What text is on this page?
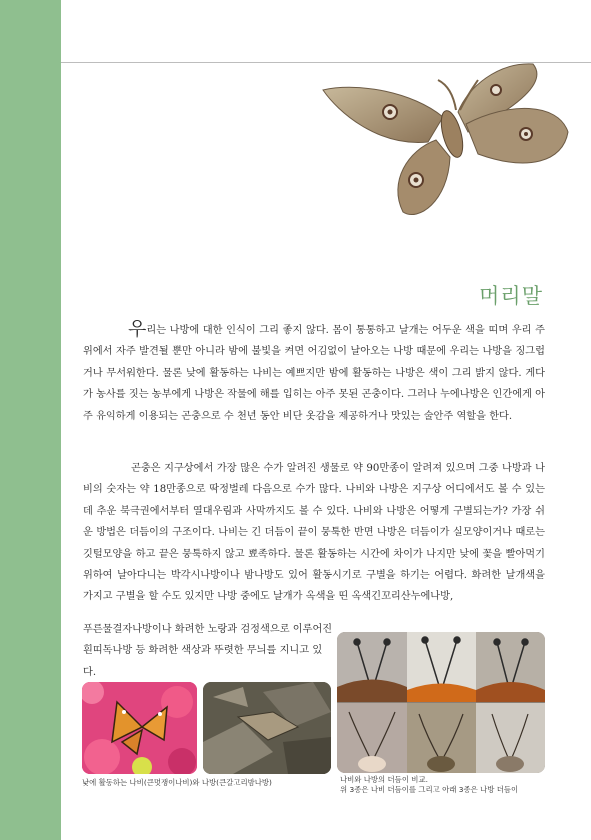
머리말

우리는 나방에 대한 인식이 그리 좋지 않다. 몸이 통통하고 날개는 어두운 색을 띠며 우리 주위에서 자주 발견될 뿐만 아니라 밤에 불빛을 켜면 어김없이 날아오는 나방 때문에 우리는 나방을 징그럽거나 무서워한다. 물론 낮에 활동하는 나비는 예쁘지만 밤에 활동하는 나방은 색이 그리 밝지 않다. 게다가 농사를 짓는 농부에게 나방은 작물에 해를 입히는 아주 못된 곤충이다. 그러나 누에나방은 인간에게 아주 유익하게 이용되는 곤충으로 수 천년 동안 비단 옷감을 제공하거나 맛있는 술안주 역할을 한다.

곤충은 지구상에서 가장 많은 수가 알려진 생물로 약 90만종이 알려져 있으며 그중 나방과 나비의 숫자는 약 18만종으로 딱정벌레 다음으로 수가 많다. 나비와 나방은 지구상 어디에서도 볼 수 있는데 추운 북극권에서부터 열대우림과 사막까지도 볼 수 있다. 나비와 나방은 어떻게 구별되는가? 가장 쉬운 방법은 더듬이의 구조이다. 나비는 긴 더듬이 끝이 뭉툭한 반면 나방은 더듬이가 실모양이거나 때로는 깃털모양을 하고 끝은 뭉툭하지 않고 뾰족하다. 물론 활동하는 시간에 차이가 나지만 낮에 꽃을 빨아먹기 위하여 날아다니는 박각시나방이나 밤나방도 있어 활동시기로 구별을 하기는 어렵다. 화려한 날개색을 가지고 구별을 할 수도 있지만 나방 중에도 날개가 옥색을 띤 옥색긴꼬리산누에나방,

푸른물결자나방이나 화려한 노랑과 검정색으로 이루어진 흰띠독나방 등 화려한 색상과 뚜렷한 무늬를 지니고 있다.

낮에 활동하는 나비(큰멋쟁이나비)와 나방(큰갈고리밤나방)	나비와 나방의 더듬이 비교.
위 3종은 나비 더듬이를 그리고 아래 3종은 나방 더듬이
